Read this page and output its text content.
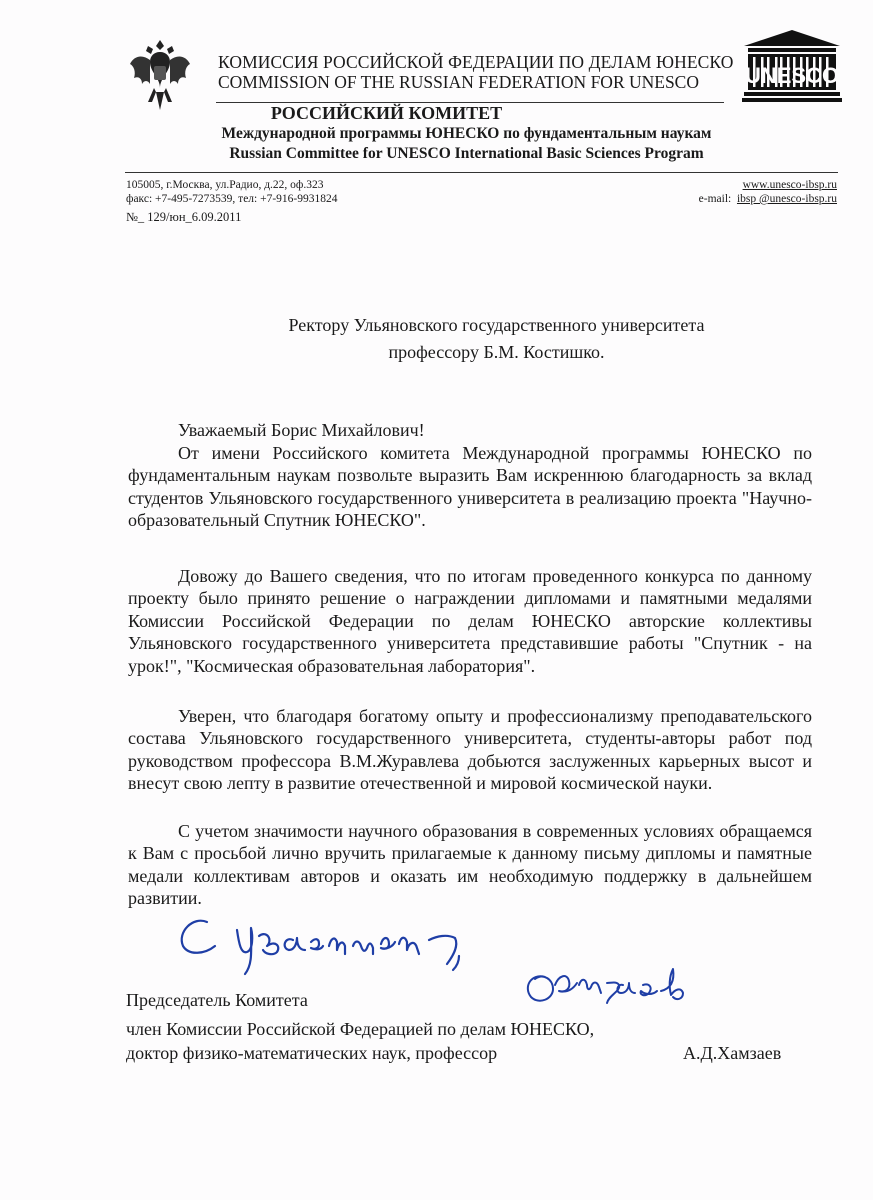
UNESCO
КОМИССИЯ РОССИЙСКОЙ ФЕДЕРАЦИИ ПО ДЕЛАМ ЮНЕСКО
COMMISSION OF THE RUSSIAN FEDERATION FOR UNESCO
РОССИЙСКИЙ КОМИТЕТ
Международной программы ЮНЕСКО по фундаментальным наукам
Russian Committee for UNESCO International Basic Sciences Program
105005, г.Москва, ул.Радио, д.22, оф.323
факс: +7-495-7273539, тел: +7-916-9931824
www.unesco-ibsp.ru
e-mail: ibsp @unesco-ibsp.ru
№_ 129/юн_6.09.2011
Ректору Ульяновского государственного университета
профессору Б.М. Костишко.
Уважаемый Борис Михайлович!

От имени Российского комитета Международной программы ЮНЕСКО по фундаментальным наукам позвольте выразить Вам искреннюю благодарность за вклад студентов Ульяновского государственного университета в реализацию проекта "Научно-образовательный Спутник ЮНЕСКО".

Довожу до Вашего сведения, что по итогам проведенного конкурса по данному проекту было принято решение о награждении дипломами и памятными медалями Комиссии Российской Федерации по делам ЮНЕСКО авторские коллективы Ульяновского государственного университета представившие работы "Спутник - на урок!", "Космическая образовательная лаборатория".

Уверен, что благодаря богатому опыту и профессионализму преподавательского состава Ульяновского государственного университета, студенты-авторы работ под руководством профессора В.М.Журавлева добьются заслуженных карьерных высот и внесут свою лепту в развитие отечественной и мировой космической науки.

С учетом значимости научного образования в современных условиях обращаемся к Вам с просьбой лично вручить прилагаемые к данному письму дипломы и памятные медали коллективам авторов и оказать им необходимую поддержку в дальнейшем развитии.

Председатель Комитета
член Комиссии Российской Федерацией по делам ЮНЕСКО,
доктор физико-математических наук, профессор	А.Д.Хамзаев
